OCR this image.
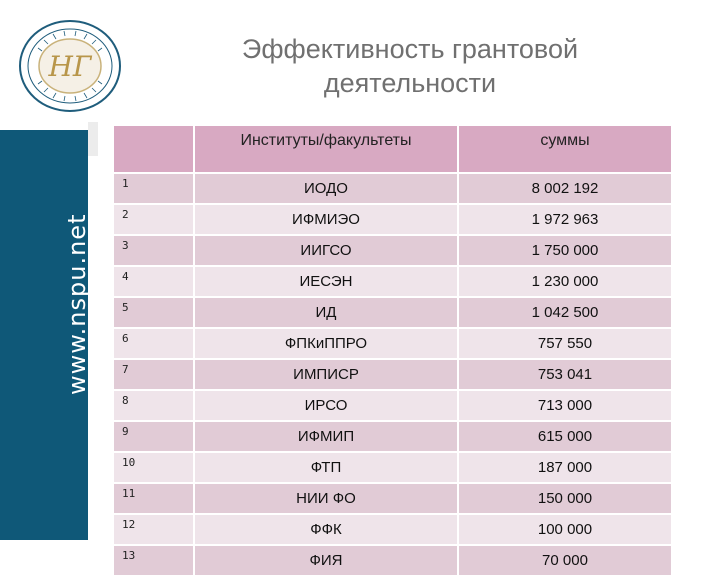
НГ
www.nspu.net
Эффективность грантовой
деятельности
	Институты/факультеты	суммы
1	ИОДО	8 002 192
2	ИФМИЭО	1 972 963
3	ИИГСО	1 750 000
4	ИЕСЭН	1 230 000
5	ИД	1 042 500
6	ФПКиППРО	757 550
7	ИМПИСР	753 041
8	ИРСО	713 000
9	ИФМИП	615 000
10	ФТП	187 000
11	НИИ ФО	150 000
12	ФФК	100 000
13	ФИЯ	70 000
